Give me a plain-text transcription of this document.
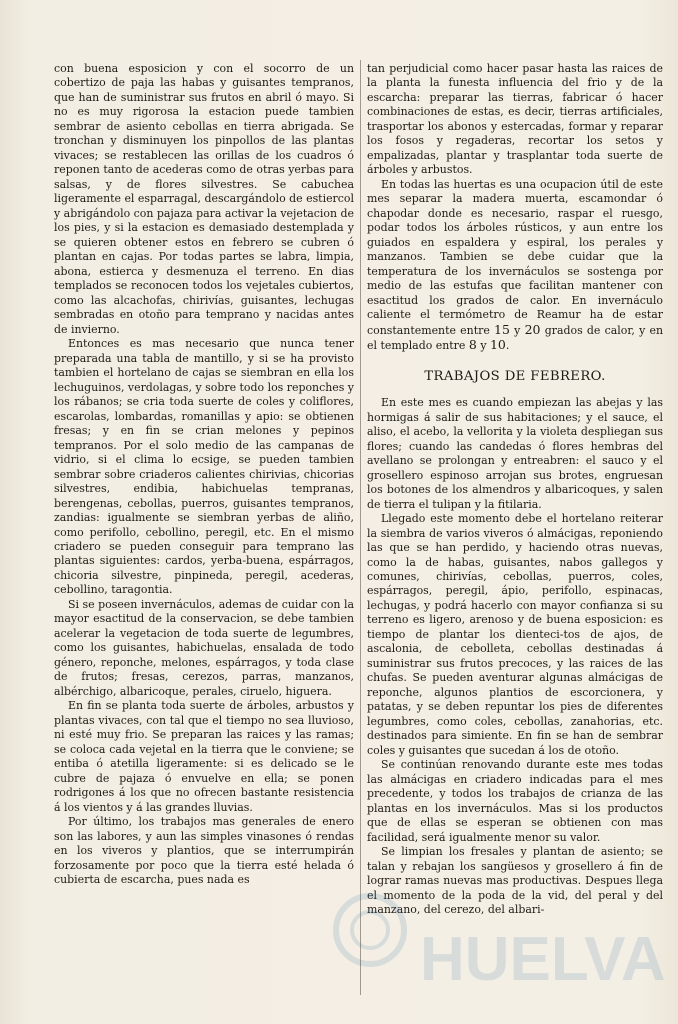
con buena esposicion y con el socorro de un cobertizo de paja las habas y guisantes tempranos, que han de suministrar sus frutos en abril ó mayo. Si no es muy rigorosa la estacion puede tambien sembrar de asiento cebollas en tierra abrigada. Se tronchan y disminuyen los pinpollos de las plantas vivaces; se restablecen las orillas de los cuadros ó reponen tanto de acederas como de otras yerbas para salsas, y de flores silvestres. Se cabuchea ligeramente el esparragal, descargándolo de estiercol y abrigándolo con pajaza para activar la vejetacion de los pies, y si la estacion es demasiado destemplada y se quieren obtener estos en febrero se cubren ó plantan en cajas. Por todas partes se labra, limpia, abona, estierca y desmenuza el terreno. En dias templados se reconocen todos los vejetales cubiertos, como las alcachofas, chirivías, guisantes, lechugas sembradas en otoño para temprano y nacidas antes de invierno.

Entonces es mas necesario que nunca tener preparada una tabla de mantillo, y si se ha provisto tambien el hortelano de cajas se siembran en ella los lechuguinos, verdolagas, y sobre todo los reponches y los rábanos; se cria toda suerte de coles y coliflores, escarolas, lombardas, romanillas y apio: se obtienen fresas; y en fin se crian melones y pepinos tempranos. Por el solo medio de las campanas de vidrio, si el clima lo ecsige, se pueden tambien sembrar sobre criaderos calientes chirivias, chicorias silvestres, endibia, habichuelas tempranas, berengenas, cebollas, puerros, guisantes tempranos, zandias: igualmente se siembran yerbas de aliño, como perifollo, cebollino, peregil, etc. En el mismo criadero se pueden conseguir para temprano las plantas siguientes: cardos, yerba-buena, espárragos, chicoria silvestre, pinpineda, peregil, acederas, cebollino, taragontia.

Si se poseen invernáculos, ademas de cuidar con la mayor esactitud de la conservacion, se debe tambien acelerar la vegetacion de toda suerte de legumbres, como los guisantes, habichuelas, ensalada de todo género, reponche, melones, espárragos, y toda clase de frutos; fresas, cerezos, parras, manzanos, albérchigo, albaricoque, perales, ciruelo, higuera.

En fin se planta toda suerte de árboles, arbustos y plantas vivaces, con tal que el tiempo no sea lluvioso, ni esté muy frio. Se preparan las raices y las ramas; se coloca cada vejetal en la tierra que le conviene; se entiba ó atetilla ligeramente: si es delicado se le cubre de pajaza ó envuelve en ella; se ponen rodrigones á los que no ofrecen bastante resistencia á los vientos y á las grandes lluvias.

Por último, los trabajos mas generales de enero son las labores, y aun las simples vinasones ó rendas en los viveros y plantios, que se interrumpirán forzosamente por poco que la tierra esté helada ó cubierta de escarcha, pues nada es

tan perjudicial como hacer pasar hasta las raices de la planta la funesta influencia del frio y de la escarcha: preparar las tierras, fabricar ó hacer combinaciones de estas, es decir, tierras artificiales, trasportar los abonos y estercadas, formar y reparar los fosos y regaderas, recortar los setos y empalizadas, plantar y trasplantar toda suerte de árboles y arbustos.

En todas las huertas es una ocupacion útil de este mes separar la madera muerta, escamondar ó chapodar donde es necesario, raspar el ruesgo, podar todos los árboles rústicos, y aun entre los guiados en espaldera y espiral, los perales y manzanos. Tambien se debe cuidar que la temperatura de los invernáculos se sostenga por medio de las estufas que facilitan mantener con esactitud los grados de calor. En invernáculo caliente el termómetro de Reamur ha de estar constantemente entre 15 y 20 grados de calor, y en el templado entre 8 y 10.

TRABAJOS DE FEBRERO.

En este mes es cuando empiezan las abejas y las hormigas á salir de sus habitaciones; y el sauce, el aliso, el acebo, la vellorita y la violeta despliegan sus flores; cuando las candedas ó flores hembras del avellano se prolongan y entreabren: el sauco y el grosellero espinoso arrojan sus brotes, engruesan los botones de los almendros y albaricoques, y salen de tierra el tulipan y la fitilaria.

Llegado este momento debe el hortelano reiterar la siembra de varios viveros ó almácigas, reponiendo las que se han perdido, y haciendo otras nuevas, como la de habas, guisantes, nabos gallegos y comunes, chirivías, cebollas, puerros, coles, espárragos, peregil, ápio, perifollo, espinacas, lechugas, y podrá hacerlo con mayor confianza si su terreno es ligero, arenoso y de buena esposicion: es tiempo de plantar los dienteci-tos de ajos, de ascalonia, de cebolleta, cebollas destinadas á suministrar sus frutos precoces, y las raices de las chufas. Se pueden aventurar algunas almácigas de reponche, algunos plantios de escorcionera, y patatas, y se deben repuntar los pies de diferentes legumbres, como coles, cebollas, zanahorias, etc. destinados para simiente. En fin se han de sembrar coles y guisantes que sucedan á los de otoño.

Se continúan renovando durante este mes todas las almácigas en criadero indicadas para el mes precedente, y todos los trabajos de crianza de las plantas en los invernáculos. Mas si los productos que de ellas se esperan se obtienen con mas facilidad, será igualmente menor su valor.

Se limpian los fresales y plantan de asiento; se talan y rebajan los sangüesos y grosellero á fin de lograr ramas nuevas mas productivas. Despues llega el momento de la poda de la vid, del peral y del manzano, del cerezo, del albari-

HUELVA
